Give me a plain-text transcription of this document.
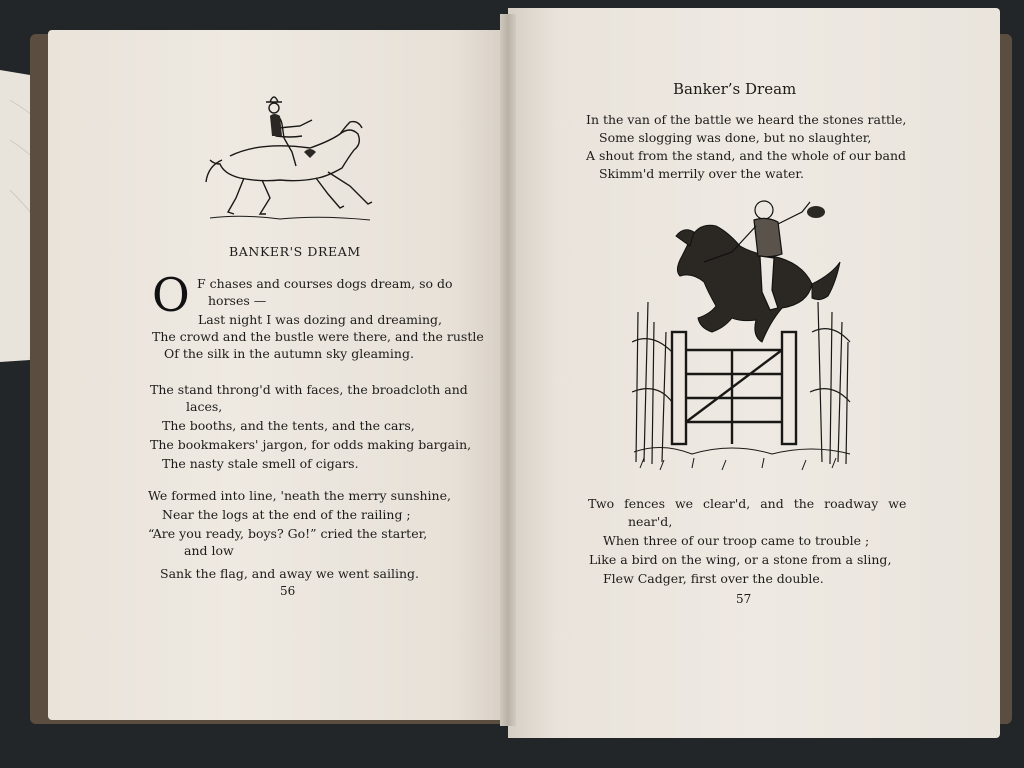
BANKER'S DREAM
O F chases and courses dogs dream, so do
horses —
Last night I was dozing and dreaming,
The crowd and the bustle were there, and the rustle
Of the silk in the autumn sky gleaming.
The stand throng'd with faces, the broadcloth and
laces,
The booths, and the tents, and the cars,
The bookmakers' jargon, for odds making bargain,
The nasty stale smell of cigars.
We formed into line, 'neath the merry sunshine,
Near the logs at the end of the railing ;
“Are you ready, boys? Go!” cried the starter,
and low
Sank the flag, and away we went sailing.
56
Banker’s Dream
In the van of the battle we heard the stones rattle,
Some slogging was done, but no slaughter,
A shout from the stand, and the whole of our band
Skimm'd merrily over the water.
Two fences we clear'd, and the roadway we
near'd,
When three of our troop came to trouble ;
Like a bird on the wing, or a stone from a sling,
Flew Cadger, first over the double.
57
